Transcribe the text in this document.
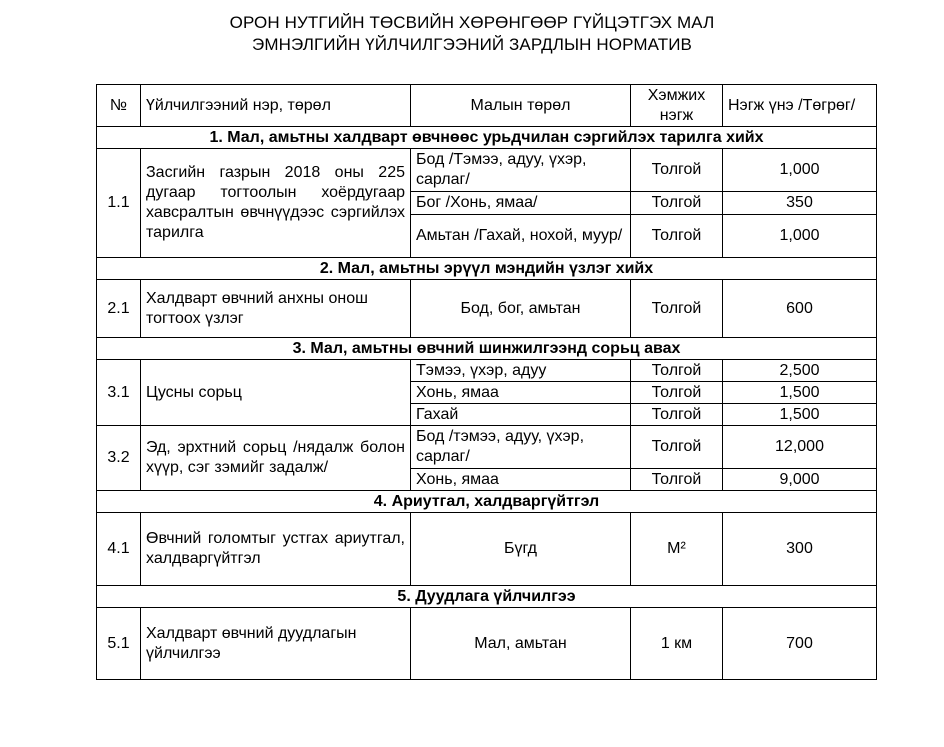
ОРОН НУТГИЙН ТӨСВИЙН ХӨРӨНГӨӨР ГҮЙЦЭТГЭХ МАЛ
ЭМНЭЛГИЙН ҮЙЛЧИЛГЭЭНИЙ ЗАРДЛЫН НОРМАТИВ
№	Үйлчилгээний нэр, төрөл	Малын төрөл	Хэмжих нэгж	Нэгж үнэ /Төгрөг/
1. Мал, амьтны халдварт өвчнөөс урьдчилан сэргийлэх тарилга хийх				
1.1	Засгийн газрын 2018 оны 225 дугаар тогтоолын хоёрдугаар хавсралтын өвчнүүдээс сэргийлэх тарилга	Бод /Тэмээ, адуу, үхэр, сарлаг/	Толгой	1,000
		Бог /Хонь, ямаа/	Толгой	350
		Амьтан /Гахай, нохой, муур/	Толгой	1,000
2. Мал, амьтны эрүүл мэндийн үзлэг хийх				
2.1	Халдварт өвчний анхны онош тогтоох үзлэг	Бод, бог, амьтан	Толгой	600
3. Мал, амьтны өвчний шинжилгээнд сорьц авах				
3.1	Цусны сорьц	Тэмээ, үхэр, адуу	Толгой	2,500
		Хонь, ямаа	Толгой	1,500
		Гахай	Толгой	1,500
3.2	Эд, эрхтний сорьц /нядалж болон хүүр, сэг зэмийг задалж/	Бод /тэмээ, адуу, үхэр, сарлаг/	Толгой	12,000
		Хонь, ямаа	Толгой	9,000
4. Ариутгал, халдваргүйтгэл				
4.1	Өвчний голомтыг устгах ариутгал, халдваргүйтгэл	Бүгд	М²	300
5. Дуудлага үйлчилгээ				
5.1	Халдварт өвчний дуудлагын үйлчилгээ	Мал, амьтан	1 км	700
